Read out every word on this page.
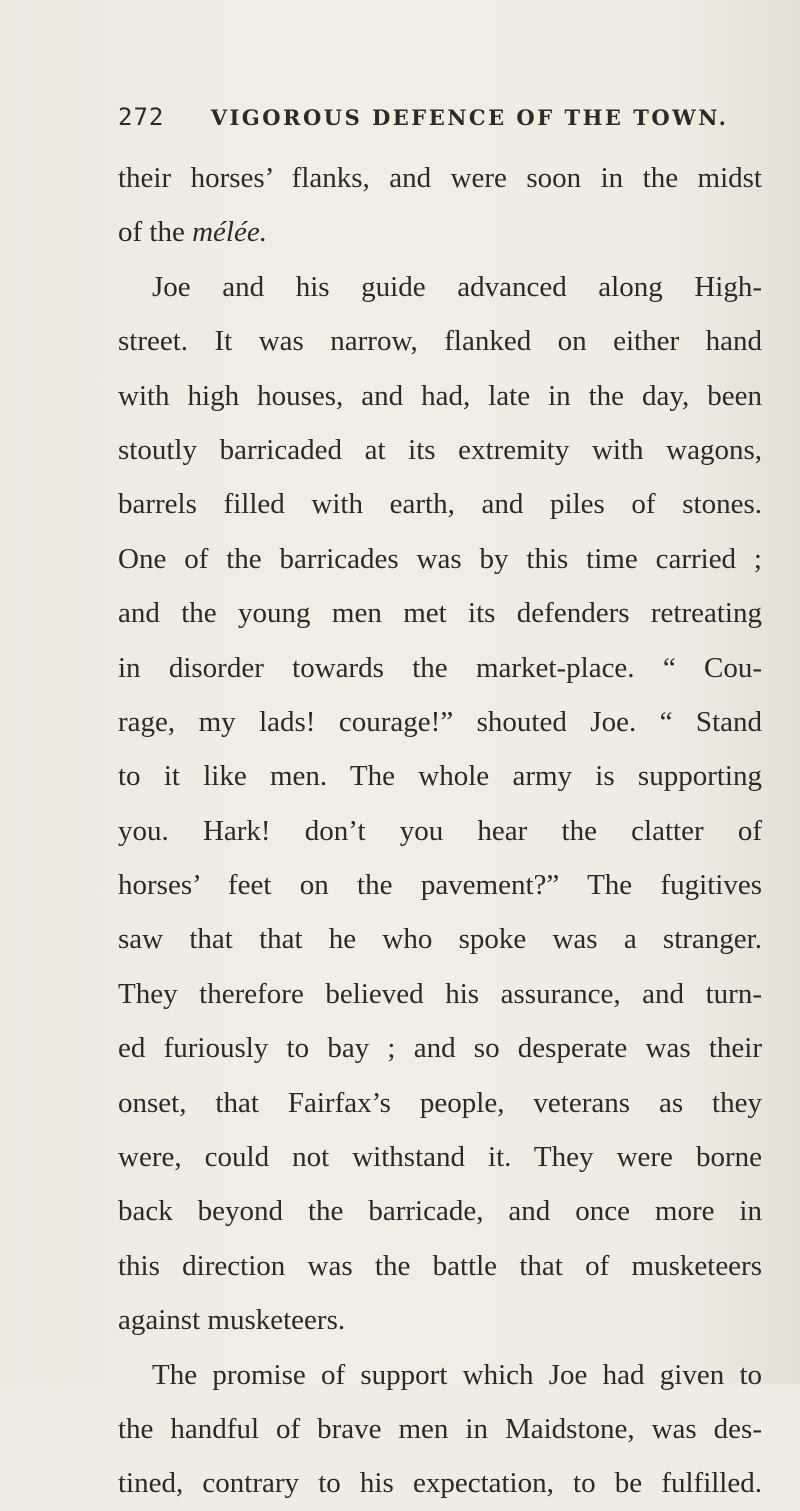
272 VIGOROUS DEFENCE OF THE TOWN.
their horses’ flanks, and were soon in the midst
of the mélée.
Joe and his guide advanced along High-
street. It was narrow, flanked on either hand
with high houses, and had, late in the day, been
stoutly barricaded at its extremity with wagons,
barrels filled with earth, and piles of stones.
One of the barricades was by this time carried ;
and the young men met its defenders retreating
in disorder towards the market-place. “ Cou-
rage, my lads! courage!” shouted Joe. “ Stand
to it like men. The whole army is supporting
you. Hark! don’t you hear the clatter of
horses’ feet on the pavement?” The fugitives
saw that that he who spoke was a stranger.
They therefore believed his assurance, and turn-
ed furiously to bay ; and so desperate was their
onset, that Fairfax’s people, veterans as they
were, could not withstand it. They were borne
back beyond the barricade, and once more in
this direction was the battle that of musketeers
against musketeers.
The promise of support which Joe had given to
the handful of brave men in Maidstone, was des-
tined, contrary to his expectation, to be fulfilled.
